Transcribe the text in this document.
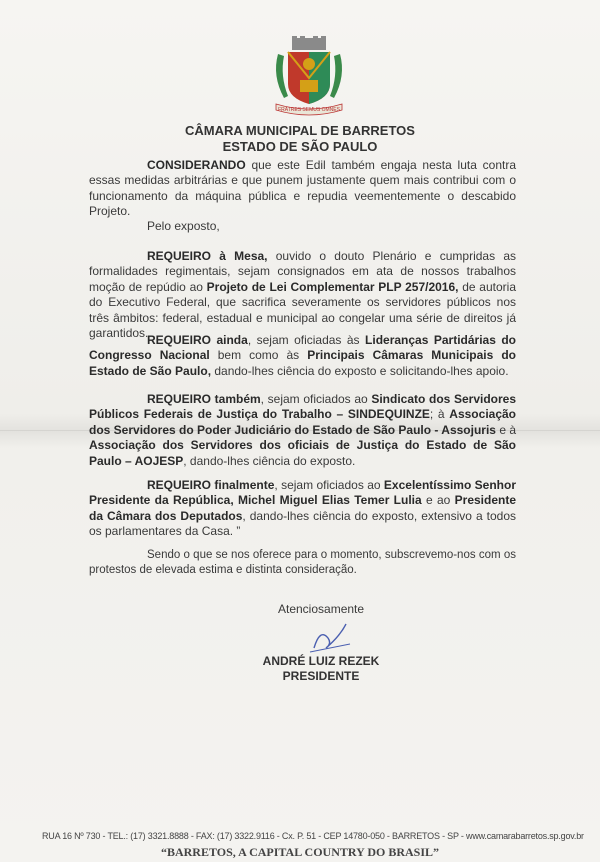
FRATRES SEMUS OMNES
CÂMARA MUNICIPAL DE BARRETOS
ESTADO DE SÃO PAULO
CONSIDERANDO que este Edil também engaja nesta luta contra essas medidas arbitrárias e que punem justamente quem mais contribui com o funcionamento da máquina pública e repudia veementemente o descabido Projeto.
Pelo exposto,
REQUEIRO à Mesa, ouvido o douto Plenário e cumpridas as formalidades regimentais, sejam consignados em ata de nossos trabalhos moção de repúdio ao Projeto de Lei Complementar PLP 257/2016, de autoria do Executivo Federal, que sacrifica severamente os servidores públicos nos três âmbitos: federal, estadual e municipal ao congelar uma série de direitos já garantidos.
REQUEIRO ainda, sejam oficiadas às Lideranças Partidárias do Congresso Nacional bem como às Principais Câmaras Municipais do Estado de São Paulo, dando-lhes ciência do exposto e solicitando-lhes apoio.
REQUEIRO também, sejam oficiados ao Sindicato dos Servidores Públicos Federais de Justiça do Trabalho – SINDEQUINZE; à Associação dos Servidores do Poder Judiciário do Estado de São Paulo - Assojuris e à Associação dos Servidores dos oficiais de Justiça do Estado de São Paulo – AOJESP, dando-lhes ciência do exposto.
REQUEIRO finalmente, sejam oficiados ao Excelentíssimo Senhor Presidente da República, Michel Miguel Elias Temer Lulia e ao Presidente da Câmara dos Deputados, dando-lhes ciência do exposto, extensivo a todos os parlamentares da Casa. ”
Sendo o que se nos oferece para o momento, subscrevemo-nos com os protestos de elevada estima e distinta consideração.
Atenciosamente
ANDRÉ LUIZ REZEK
PRESIDENTE
RUA 16 Nº 730 - TEL.: (17) 3321.8888 - FAX: (17) 3322.9116 - Cx. P. 51 - CEP 14780-050 - BARRETOS - SP - www.camarabarretos.sp.gov.br
“BARRETOS, A CAPITAL COUNTRY DO BRASIL”
